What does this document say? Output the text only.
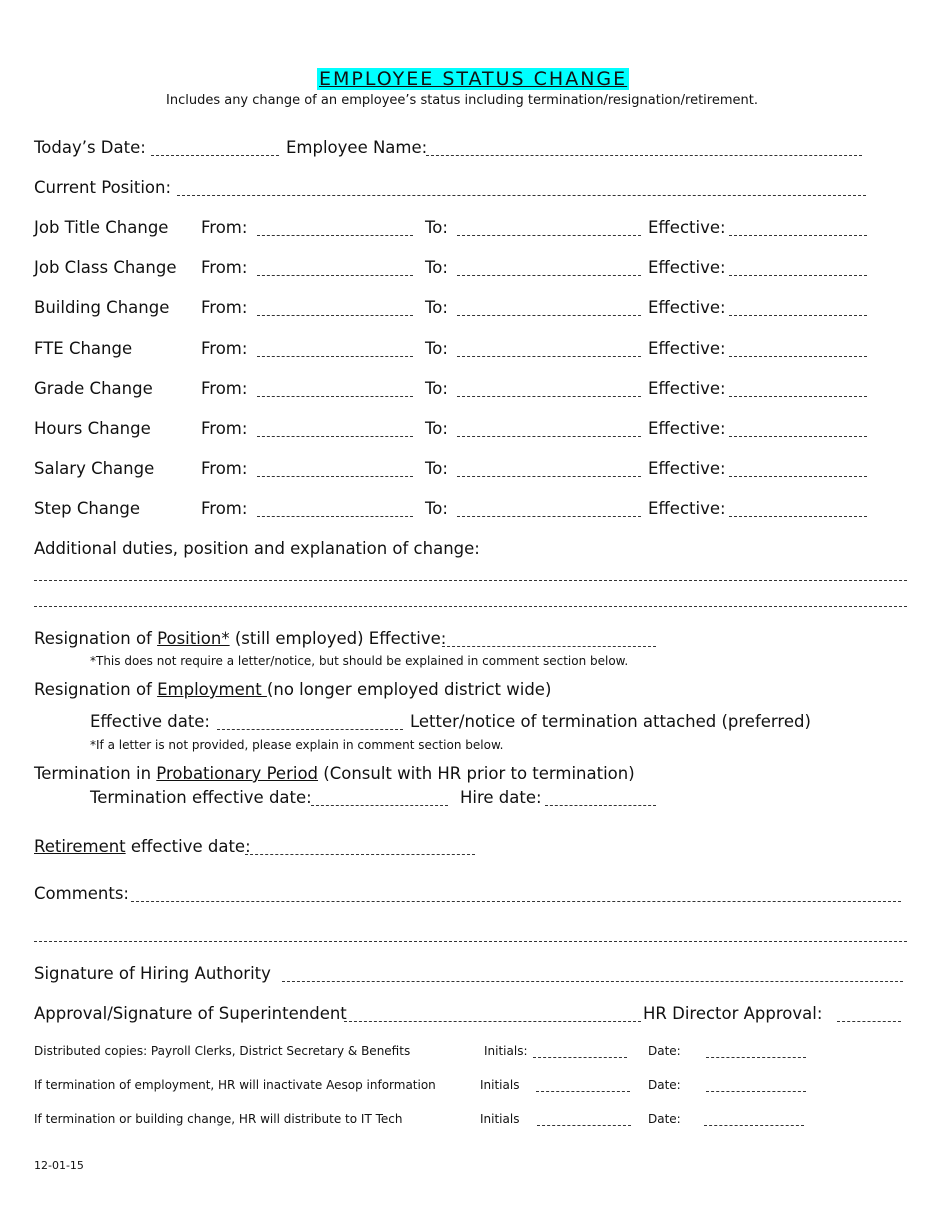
EMPLOYEE STATUS CHANGE
Includes any change of an employee’s status including termination/resignation/retirement.
Today’s Date:	Employee Name:
Current Position:
Job Title Change From:	To:	Effective:
Job Class Change From:	To:	Effective:
Building Change From:	To:	Effective:
FTE Change	From:	To:	Effective:
Grade Change	From:	To:	Effective:
Hours Change	From:	To:	Effective:
Salary Change	From:	To:	Effective:
Step Change	From:	To:	Effective:
Additional duties, position and explanation of change:
Resignation of Position* (still employed) Effective:
*This does not require a letter/notice, but should be explained in comment section below.
Resignation of Employment (no longer employed district wide)
Effective date:	Letter/notice of termination attached (preferred)
*If a letter is not provided, please explain in comment section below.
Termination in Probationary Period (Consult with HR prior to termination)
Termination effective date:	Hire date:
Retirement effective date:
Comments:
Signature of Hiring Authority
Approval/Signature of Superintendent	HR Director Approval:
Distributed copies: Payroll Clerks, District Secretary & Benefits	Initials:	Date:
If termination of employment, HR will inactivate Aesop information	Initials	Date:
If termination or building change, HR will distribute to IT Tech	Initials	Date:
12-01-15
